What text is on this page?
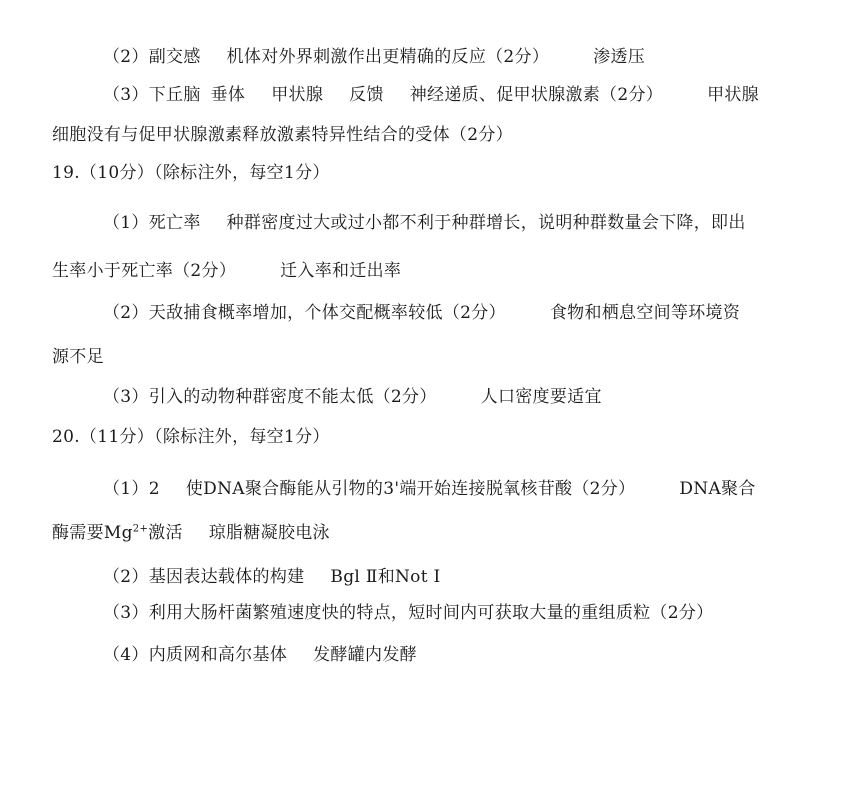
（2）副交感 机体对外界刺激作出更精确的反应（2分）	渗透压
（3）下丘脑 垂体 甲状腺 反馈 神经递质、促甲状腺激素（2分）	甲状腺
细胞没有与促甲状腺激素释放激素特异性结合的受体（2分）
19.（10分）（除标注外，每空1分）
（1）死亡率 种群密度过大或过小都不利于种群增长，说明种群数量会下降，即出
生率小于死亡率（2分）	迁入率和迁出率
（2）天敌捕食概率增加，个体交配概率较低（2分）	食物和栖息空间等环境资
源不足
（3）引入的动物种群密度不能太低（2分）	人口密度要适宜
20.（11分）（除标注外，每空1分）
（1）2 使DNA聚合酶能从引物的3'端开始连接脱氧核苷酸（2分）	DNA聚合
酶需要$Mg^{2+}$激活 琼脂糖凝胶电泳
（2）基因表达载体的构建 Bgl Ⅱ和Not Ⅰ
（3）利用大肠杆菌繁殖速度快的特点，短时间内可获取大量的重组质粒（2分）
（4）内质网和高尔基体 发酵罐内发酵
